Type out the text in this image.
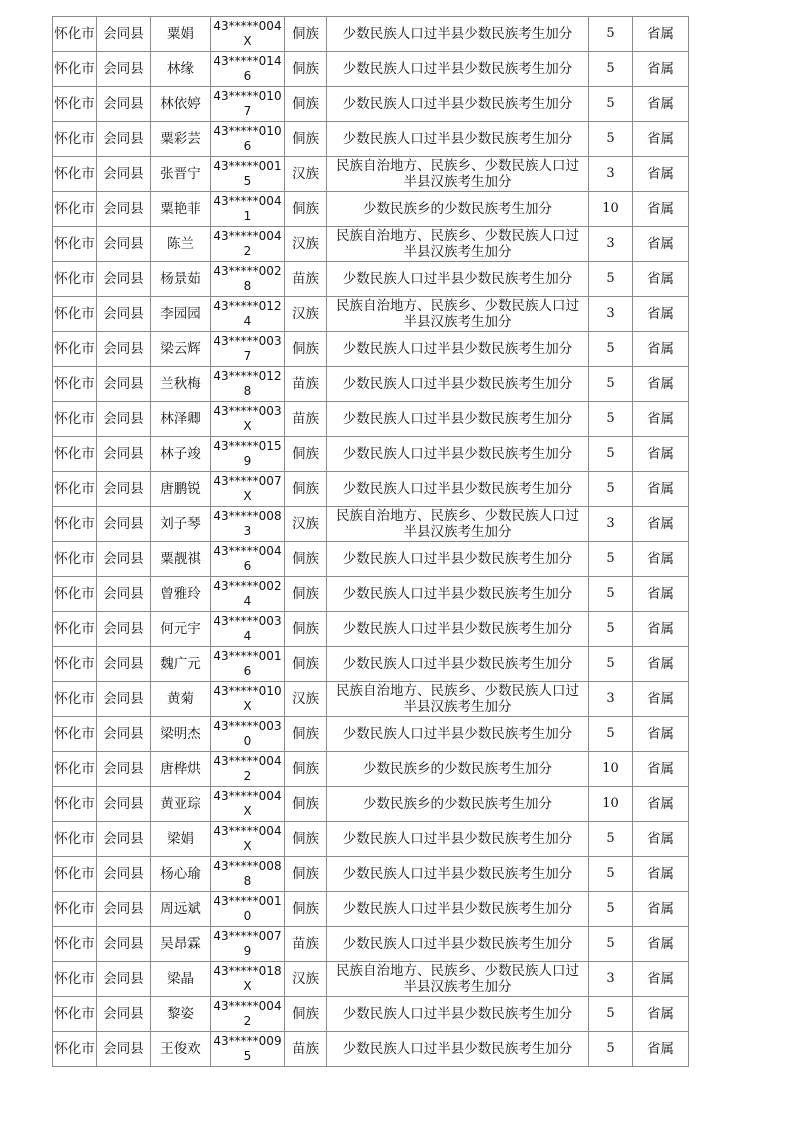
怀化市	会同县	粟娟	43*****004X	侗族	少数民族人口过半县少数民族考生加分	5	省属
怀化市	会同县	林缘	43*****0146	侗族	少数民族人口过半县少数民族考生加分	5	省属
怀化市	会同县	林依婷	43*****0107	侗族	少数民族人口过半县少数民族考生加分	5	省属
怀化市	会同县	粟彩芸	43*****0106	侗族	少数民族人口过半县少数民族考生加分	5	省属
怀化市	会同县	张晋宁	43*****0015	汉族	民族自治地方、民族乡、少数民族人口过半县汉族考生加分	3	省属
怀化市	会同县	粟艳菲	43*****0041	侗族	少数民族乡的少数民族考生加分	10	省属
怀化市	会同县	陈兰	43*****0042	汉族	民族自治地方、民族乡、少数民族人口过半县汉族考生加分	3	省属
怀化市	会同县	杨景茹	43*****0028	苗族	少数民族人口过半县少数民族考生加分	5	省属
怀化市	会同县	李园园	43*****0124	汉族	民族自治地方、民族乡、少数民族人口过半县汉族考生加分	3	省属
怀化市	会同县	梁云辉	43*****0037	侗族	少数民族人口过半县少数民族考生加分	5	省属
怀化市	会同县	兰秋梅	43*****0128	苗族	少数民族人口过半县少数民族考生加分	5	省属
怀化市	会同县	林泽卿	43*****003X	苗族	少数民族人口过半县少数民族考生加分	5	省属
怀化市	会同县	林子竣	43*****0159	侗族	少数民族人口过半县少数民族考生加分	5	省属
怀化市	会同县	唐鹏锐	43*****007X	侗族	少数民族人口过半县少数民族考生加分	5	省属
怀化市	会同县	刘子琴	43*****0083	汉族	民族自治地方、民族乡、少数民族人口过半县汉族考生加分	3	省属
怀化市	会同县	粟靓祺	43*****0046	侗族	少数民族人口过半县少数民族考生加分	5	省属
怀化市	会同县	曾雅玲	43*****0024	侗族	少数民族人口过半县少数民族考生加分	5	省属
怀化市	会同县	何元宇	43*****0034	侗族	少数民族人口过半县少数民族考生加分	5	省属
怀化市	会同县	魏广元	43*****0016	侗族	少数民族人口过半县少数民族考生加分	5	省属
怀化市	会同县	黄菊	43*****010X	汉族	民族自治地方、民族乡、少数民族人口过半县汉族考生加分	3	省属
怀化市	会同县	梁明杰	43*****0030	侗族	少数民族人口过半县少数民族考生加分	5	省属
怀化市	会同县	唐桦烘	43*****0042	侗族	少数民族乡的少数民族考生加分	10	省属
怀化市	会同县	黄亚琮	43*****004X	侗族	少数民族乡的少数民族考生加分	10	省属
怀化市	会同县	梁娟	43*****004X	侗族	少数民族人口过半县少数民族考生加分	5	省属
怀化市	会同县	杨心瑜	43*****0088	侗族	少数民族人口过半县少数民族考生加分	5	省属
怀化市	会同县	周远斌	43*****0010	侗族	少数民族人口过半县少数民族考生加分	5	省属
怀化市	会同县	吴昂霖	43*****0079	苗族	少数民族人口过半县少数民族考生加分	5	省属
怀化市	会同县	梁晶	43*****018X	汉族	民族自治地方、民族乡、少数民族人口过半县汉族考生加分	3	省属
怀化市	会同县	黎姿	43*****0042	侗族	少数民族人口过半县少数民族考生加分	5	省属
怀化市	会同县	王俊欢	43*****0095	苗族	少数民族人口过半县少数民族考生加分	5	省属
